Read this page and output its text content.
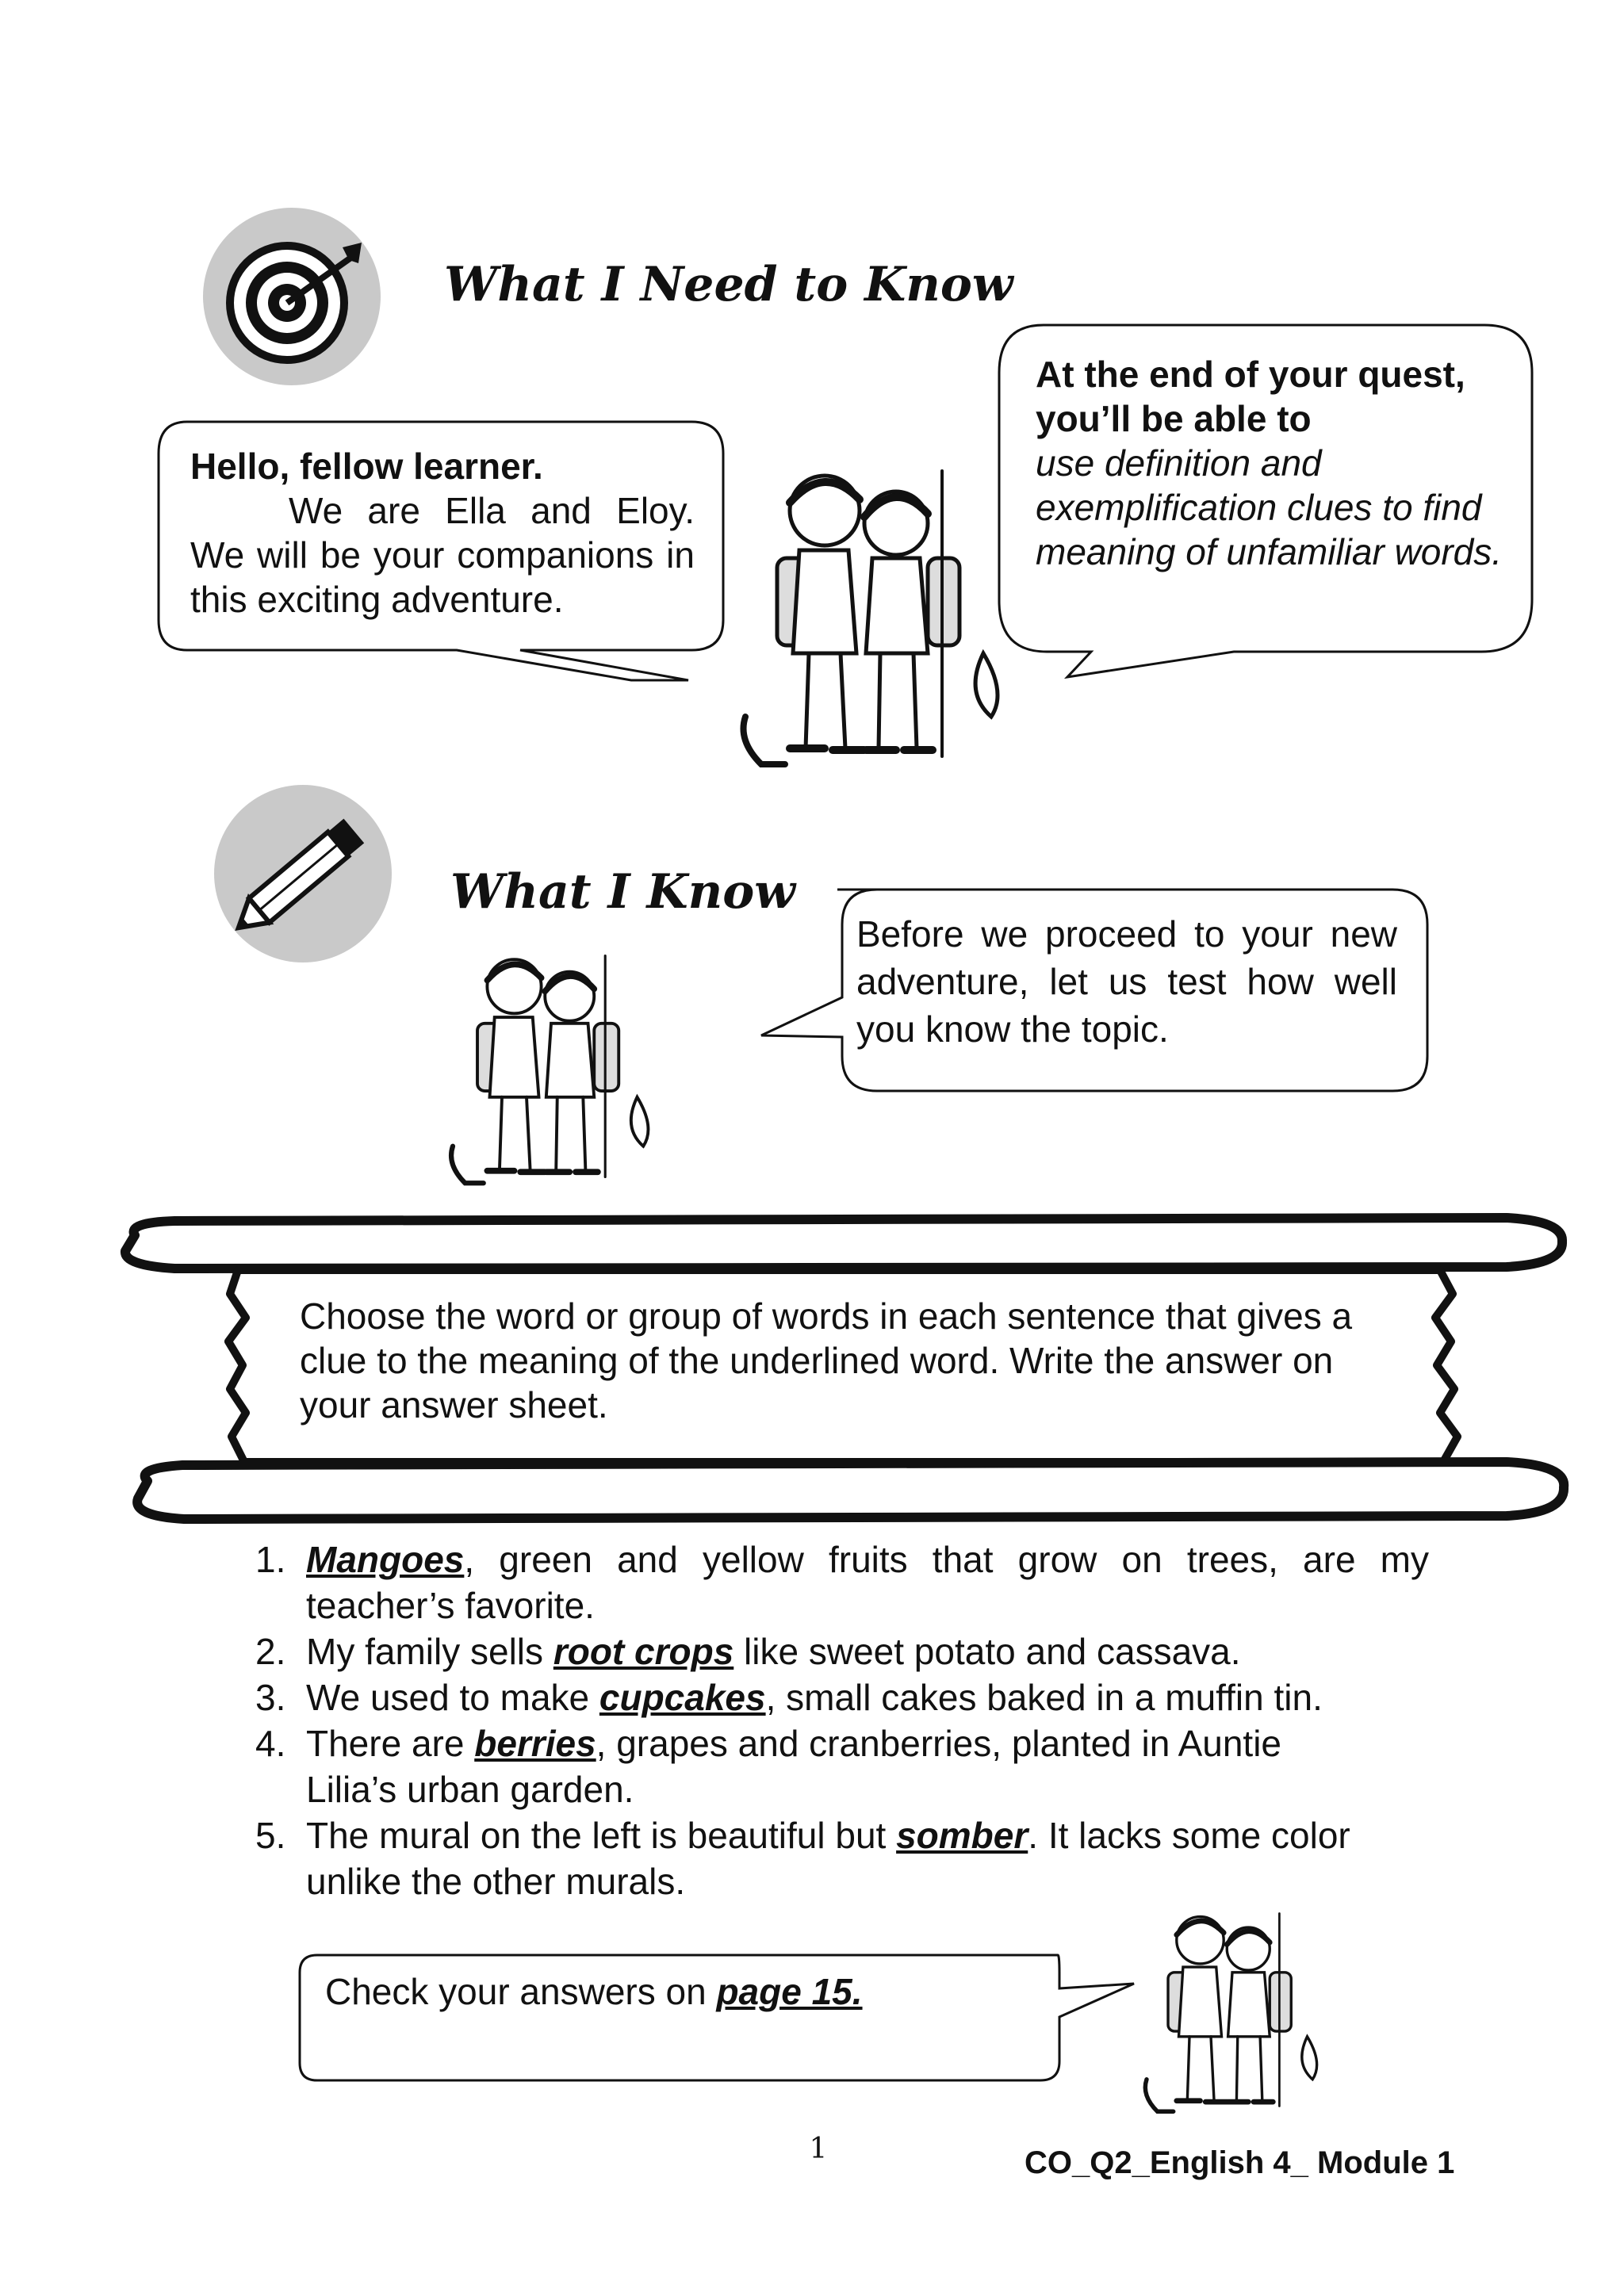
What I Need to Know
Hello, fellow learner.
We are Ella and Eloy. We will be your companions in this exciting adventure.
At the end of your quest, you’ll be able to
use definition and exemplification clues to find meaning of unfamiliar words.
What I Know
Before we proceed to your new adventure, let us test how well you know the topic.
Choose the word or group of words in each sentence that gives a clue to the meaning of the underlined word. Write the answer on your answer sheet.
1. Mangoes, green and yellow fruits that grow on trees, are my teacher’s favorite.
2. My family sells root crops like sweet potato and cassava.
3. We used to make cupcakes, small cakes baked in a muffin tin.
4. There are berries, grapes and cranberries, planted in Auntie Lilia’s urban garden.
5. The mural on the left is beautiful but somber. It lacks some color unlike the other murals.
Check your answers on page 15.
1	CO_Q2_English 4_ Module 1
